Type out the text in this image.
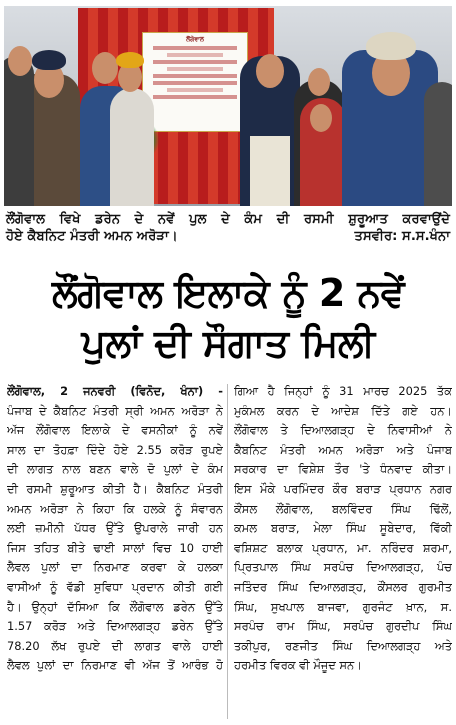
ਲੌਂਗੋਵਾਲ

ਲੌਂਗੋਵਾਲ ਵਿਖੇ ਡਰੇਨ ਦੇ ਨਵੇਂ ਪੁਲ ਦੇ ਕੰਮ ਦੀ ਰਸਮੀ ਸ਼ੁਰੂਆਤ ਕਰਵਾਉਂਦੇ

ਹੋਏ ਕੈਬਨਿਟ ਮੰਤਰੀ ਅਮਨ ਅਰੋੜਾ।	ਤਸਵੀਰ: ਸ.ਸ.ਖੰਨਾ

ਲੌਂਗੋਵਾਲ ਇਲਾਕੇ ਨੂੰ 2 ਨਵੇਂ
ਪੁਲਾਂ ਦੀ ਸੌਗਾਤ ਮਿਲੀ
ਲੌਂਗੋਵਾਲ, 2 ਜਨਵਰੀ (ਵਿਨੋਦ, ਖੰਨਾ) -
ਪੰਜਾਬ ਦੇ ਕੈਬਨਿਟ ਮੰਤਰੀ ਸ੍ਰੀ ਅਮਨ ਅਰੋੜਾ ਨੇ
ਅੱਜ ਲੌਂਗੋਵਾਲ ਇਲਾਕੇ ਦੇ ਵਸਨੀਕਾਂ ਨੂੰ ਨਵੇਂ
ਸਾਲ ਦਾ ਤੋਹਫ਼ਾ ਦਿੰਦੇ ਹੋਏ 2.55 ਕਰੋੜ ਰੁਪਏ
ਦੀ ਲਾਗਤ ਨਾਲ ਬਣਨ ਵਾਲੇ ਦੋ ਪੁਲਾਂ ਦੇ ਕੰਮ
ਦੀ ਰਸਮੀ ਸ਼ੁਰੂਆਤ ਕੀਤੀ ਹੈ। ਕੈਬਨਿਟ ਮੰਤਰੀ
ਅਮਨ ਅਰੋੜਾ ਨੇ ਕਿਹਾ ਕਿ ਹਲਕੇ ਨੂੰ ਸੰਵਾਰਨ
ਲਈ ਜ਼ਮੀਨੀ ਪੱਧਰ ਉੱਤੇ ਉਪਰਾਲੇ ਜਾਰੀ ਹਨ
ਜਿਸ ਤਹਿਤ ਬੀਤੇ ਢਾਈ ਸਾਲਾਂ ਵਿਚ 10 ਹਾਈ
ਲੈਵਲ ਪੁਲਾਂ ਦਾ ਨਿਰਮਾਣ ਕਰਵਾ ਕੇ ਹਲਕਾ
ਵਾਸੀਆਂ ਨੂੰ ਵੱਡੀ ਸੁਵਿਧਾ ਪ੍ਰਦਾਨ ਕੀਤੀ ਗਈ
ਹੈ। ਉਨ੍ਹਾਂ ਦੱਸਿਆ ਕਿ ਲੌਂਗੋਵਾਲ ਡਰੇਨ ਉੱਤੇ
1.57 ਕਰੋੜ ਅਤੇ ਦਿਆਲਗੜ੍ਹ ਡਰੇਨ ਉੱਤੇ
78.20 ਲੱਖ ਰੁਪਏ ਦੀ ਲਾਗਤ ਵਾਲੇ ਹਾਈ
ਲੈਵਲ ਪੁਲਾਂ ਦਾ ਨਿਰਮਾਣ ਵੀ ਅੱਜ ਤੋਂ ਆਰੰਭ ਹੋ
ਗਿਆ ਹੈ ਜਿਨ੍ਹਾਂ ਨੂੰ 31 ਮਾਰਚ 2025 ਤੱਕ
ਮੁਕੰਮਲ ਕਰਨ ਦੇ ਆਦੇਸ਼ ਦਿੱਤੇ ਗਏ ਹਨ।
ਲੌਂਗੋਵਾਲ ਤੇ ਦਿਆਲਗੜ੍ਹ ਦੇ ਨਿਵਾਸੀਆਂ ਨੇ
ਕੈਬਨਿਟ ਮੰਤਰੀ ਅਮਨ ਅਰੋੜਾ ਅਤੇ ਪੰਜਾਬ
ਸਰਕਾਰ ਦਾ ਵਿਸ਼ੇਸ਼ ਤੌਰ 'ਤੇ ਧੰਨਵਾਦ ਕੀਤਾ।
ਇਸ ਮੌਕੇ ਪਰਮਿੰਦਰ ਕੌਰ ਬਰਾੜ ਪ੍ਰਧਾਨ ਨਗਰ
ਕੌਂਸਲ ਲੌਂਗੋਵਾਲ, ਬਲਵਿੰਦਰ ਸਿੰਘ ਢਿੱਲੋਂ,
ਕਮਲ ਬਰਾੜ, ਮੇਲਾ ਸਿੰਘ ਸੂਬੇਦਾਰ, ਵਿੱਕੀ
ਵਸ਼ਿਸ਼ਟ ਬਲਾਕ ਪ੍ਰਧਾਨ, ਮਾ. ਨਰਿੰਦਰ ਸ਼ਰਮਾ,
ਪ੍ਰਿਤਪਾਲ ਸਿੰਘ ਸਰਪੰਚ ਦਿਆਲਗੜ੍ਹ, ਪੰਚ
ਜਤਿੰਦਰ ਸਿੰਘ ਦਿਆਲਗੜ੍ਹ, ਕੌਂਸਲਰ ਗੁਰਮੀਤ
ਸਿੰਘ, ਸੁਖਪਾਲ ਬਾਜਵਾ, ਗੁਰਜੰਟ ਖ਼ਾਨ, ਸ.
ਸਰਪੰਚ ਰਾਮ ਸਿੰਘ, ਸਰਪੰਚ ਗੁਰਦੀਪ ਸਿੰਘ
ਤਕੀਪੁਰ, ਰਣਜੀਤ ਸਿੰਘ ਦਿਆਲਗੜ੍ਹ ਅਤੇ
ਹਰਮੀਤ ਵਿਰਕ ਵੀ ਮੌਜੂਦ ਸਨ।
